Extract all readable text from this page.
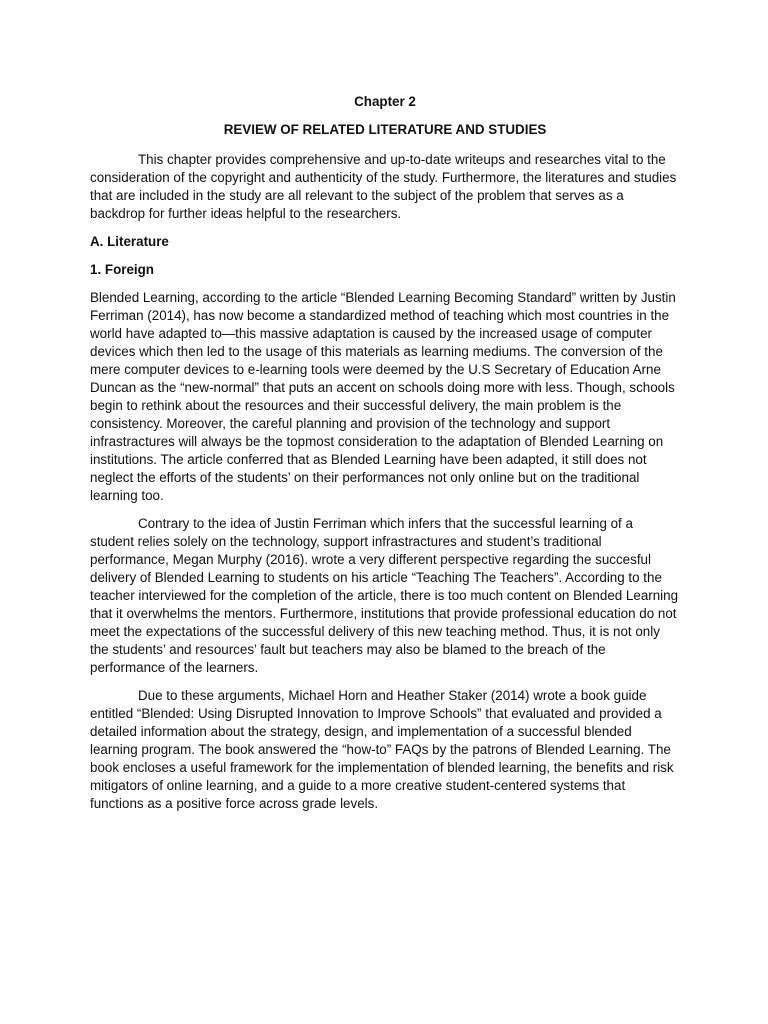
Chapter 2
REVIEW OF RELATED LITERATURE AND STUDIES

This chapter provides comprehensive and up-to-date writeups and researches vital to the consideration of the copyright and authenticity of the study. Furthermore, the literatures and studies that are included in the study are all relevant to the subject of the problem that serves as a backdrop for further ideas helpful to the researchers.

A. Literature
1. Foreign

Blended Learning, according to the article “Blended Learning Becoming Standard” written by Justin Ferriman (2014), has now become a standardized method of teaching which most countries in the world have adapted to—this massive adaptation is caused by the increased usage of computer devices which then led to the usage of this materials as learning mediums. The conversion of the mere computer devices to e-learning tools were deemed by the U.S Secretary of Education Arne Duncan as the “new-normal” that puts an accent on schools doing more with less. Though, schools begin to rethink about the resources and their successful delivery, the main problem is the consistency. Moreover, the careful planning and provision of the technology and support infrastractures will always be the topmost consideration to the adaptation of Blended Learning on institutions. The article conferred that as Blended Learning have been adapted, it still does not neglect the efforts of the students’ on their performances not only online but on the traditional learning too.

Contrary to the idea of Justin Ferriman which infers that the successful learning of a student relies solely on the technology, support infrastractures and student’s traditional performance, Megan Murphy (2016). wrote a very different perspective regarding the succesful delivery of Blended Learning to students on his article “Teaching The Teachers”. According to the teacher interviewed for the completion of the article, there is too much content on Blended Learning that it overwhelms the mentors. Furthermore, institutions that provide professional education do not meet the expectations of the successful delivery of this new teaching method. Thus, it is not only the students’ and resources’ fault but teachers may also be blamed to the breach of the performance of the learners.

Due to these arguments, Michael Horn and Heather Staker (2014) wrote a book guide entitled “Blended: Using Disrupted Innovation to Improve Schools” that evaluated and provided a detailed information about the strategy, design, and implementation of a successful blended learning program. The book answered the “how-to” FAQs by the patrons of Blended Learning. The book encloses a useful framework for the implementation of blended learning, the benefits and risk mitigators of online learning, and a guide to a more creative student-centered systems that functions as a positive force across grade levels.
